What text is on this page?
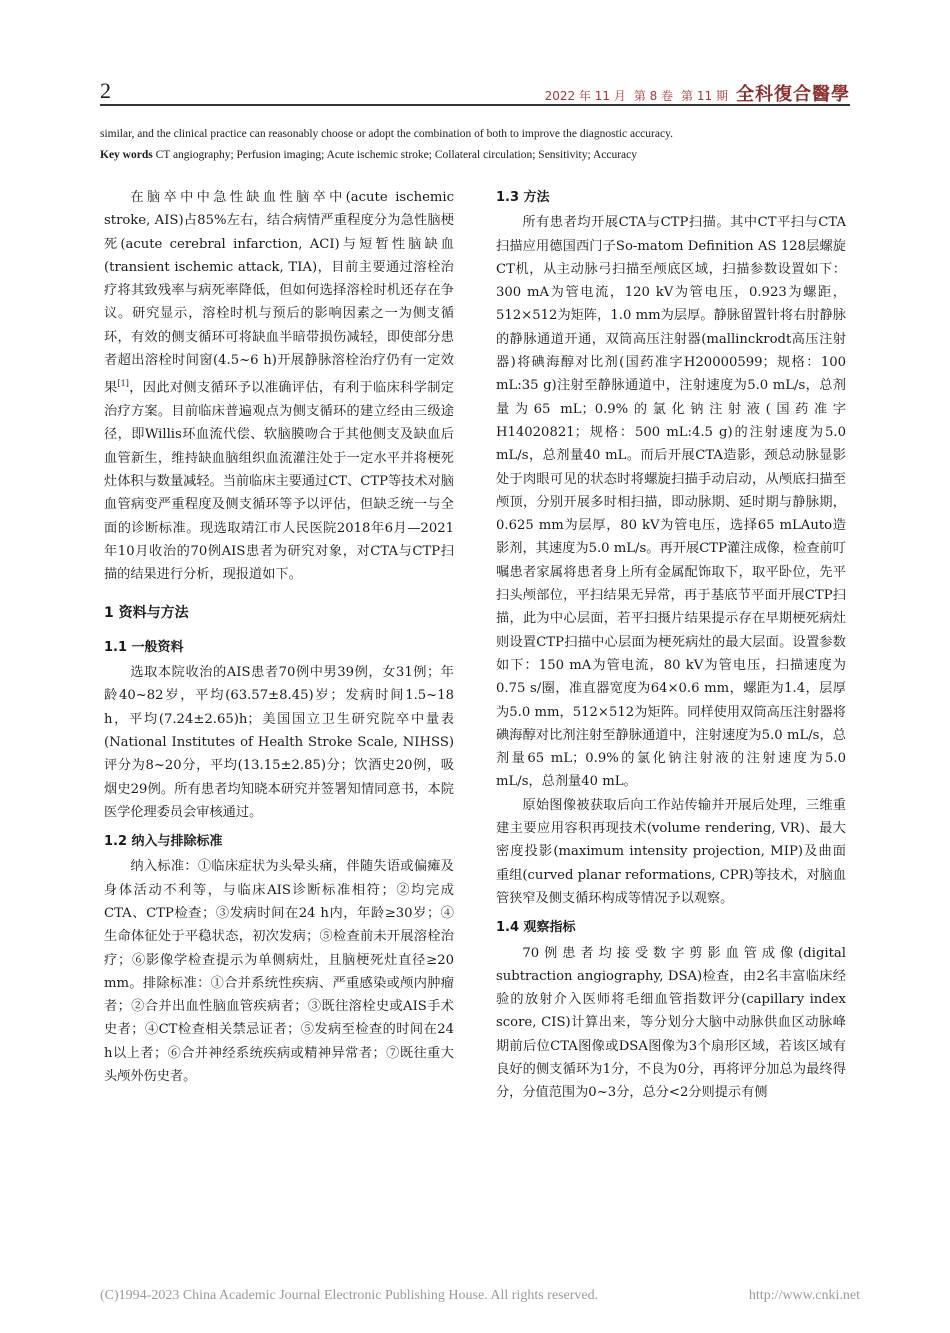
2	2022 年 11 月 第 8 卷 第 11 期 全科復合醫學
similar, and the clinical practice can reasonably choose or adopt the combination of both to improve the diagnostic accuracy.
Key words CT angiography; Perfusion imaging; Acute ischemic stroke; Collateral circulation; Sensitivity; Accuracy

在脑卒中中急性缺血性脑卒中(acute ischemic stroke, AIS)占85%左右，结合病情严重程度分为急性脑梗死(acute cerebral infarction, ACI)与短暂性脑缺血(transient ischemic attack, TIA)，目前主要通过溶栓治疗将其致残率与病死率降低，但如何选择溶栓时机还存在争议。研究显示，溶栓时机与预后的影响因素之一为侧支循环，有效的侧支循环可将缺血半暗带损伤减轻，即使部分患者超出溶栓时间窗(4.5~6 h)开展静脉溶栓治疗仍有一定效果[1]，因此对侧支循环予以准确评估，有利于临床科学制定治疗方案。目前临床普遍观点为侧支循环的建立经由三级途径，即Willis环血流代偿、软脑膜吻合于其他侧支及缺血后血管新生，维持缺血脑组织血流灌注处于一定水平并将梗死灶体积与数量减轻。当前临床主要通过CT、CTP等技术对脑血管病变严重程度及侧支循环等予以评估，但缺乏统一与全面的诊断标准。现选取靖江市人民医院2018年6月—2021年10月收治的70例AIS患者为研究对象，对CTA与CTP扫描的结果进行分析，现报道如下。

1 资料与方法
1.1 一般资料

选取本院收治的AIS患者70例中男39例，女31例；年龄40~82岁，平均(63.57±8.45)岁；发病时间1.5~18 h，平均(7.24±2.65)h；美国国立卫生研究院卒中量表(National Institutes of Health Stroke Scale, NIHSS)评分为8~20分，平均(13.15±2.85)分；饮酒史20例，吸烟史29例。所有患者均知晓本研究并签署知情同意书，本院医学伦理委员会审核通过。

1.2 纳入与排除标准

纳入标准：①临床症状为头晕头痛，伴随失语或偏瘫及身体活动不利等，与临床AIS诊断标准相符；②均完成CTA、CTP检查；③发病时间在24 h内，年龄≥30岁；④生命体征处于平稳状态，初次发病；⑤检查前未开展溶栓治疗；⑥影像学检查提示为单侧病灶，且脑梗死灶直径≥20 mm。排除标准：①合并系统性疾病、严重感染或颅内肿瘤者；②合并出血性脑血管疾病者；③既往溶栓史或AIS手术史者；④CT检查相关禁忌证者；⑤发病至检查的时间在24 h以上者；⑥合并神经系统疾病或精神异常者；⑦既往重大头颅外伤史者。

1.3 方法

所有患者均开展CTA与CTP扫描。其中CT平扫与CTA扫描应用德国西门子So-matom Definition AS 128层螺旋CT机，从主动脉弓扫描至颅底区域，扫描参数设置如下：300 mA为管电流，120 kV为管电压，0.923为螺距，512×512为矩阵，1.0 mm为层厚。静脉留置针将右肘静脉的静脉通道开通，双筒高压注射器(mallinckrodt高压注射器)将碘海醇对比剂(国药准字H20000599；规格：100 mL:35 g)注射至静脉通道中，注射速度为5.0 mL/s，总剂量为65 mL；0.9%的氯化钠注射液(国药准字H14020821；规格：500 mL:4.5 g)的注射速度为5.0 mL/s，总剂量40 mL。而后开展CTA造影，颈总动脉显影处于肉眼可见的状态时将螺旋扫描手动启动，从颅底扫描至颅顶，分别开展多时相扫描，即动脉期、延时期与静脉期，0.625 mm为层厚，80 kV为管电压，选择65 mLAuto造影剂，其速度为5.0 mL/s。再开展CTP灌注成像，检查前叮嘱患者家属将患者身上所有金属配饰取下，取平卧位，先平扫头颅部位，平扫结果无异常，再于基底节平面开展CTP扫描，此为中心层面，若平扫摄片结果提示存在早期梗死病灶则设置CTP扫描中心层面为梗死病灶的最大层面。设置参数如下：150 mA为管电流，80 kV为管电压，扫描速度为0.75 s/圈，准直器宽度为64×0.6 mm，螺距为1.4，层厚为5.0 mm，512×512为矩阵。同样使用双筒高压注射器将碘海醇对比剂注射至静脉通道中，注射速度为5.0 mL/s，总剂量65 mL；0.9%的氯化钠注射液的注射速度为5.0 mL/s，总剂量40 mL。

原始图像被获取后向工作站传输并开展后处理，三维重建主要应用容积再现技术(volume rendering, VR)、最大密度投影(maximum intensity projection, MIP)及曲面重组(curved planar reformations, CPR)等技术，对脑血管狭窄及侧支循环构成等情况予以观察。

1.4 观察指标

70例患者均接受数字剪影血管成像(digital subtraction angiography, DSA)检查，由2名丰富临床经验的放射介入医师将毛细血管指数评分(capillary index score, CIS)计算出来，等分划分大脑中动脉供血区动脉峰期前后位CTA图像或DSA图像为3个扇形区域，若该区域有良好的侧支循环为1分，不良为0分，再将评分加总为最终得分，分值范围为0~3分，总分<2分则提示有侧

(C)1994-2023 China Academic Journal Electronic Publishing House. All rights reserved.	http://www.cnki.net
